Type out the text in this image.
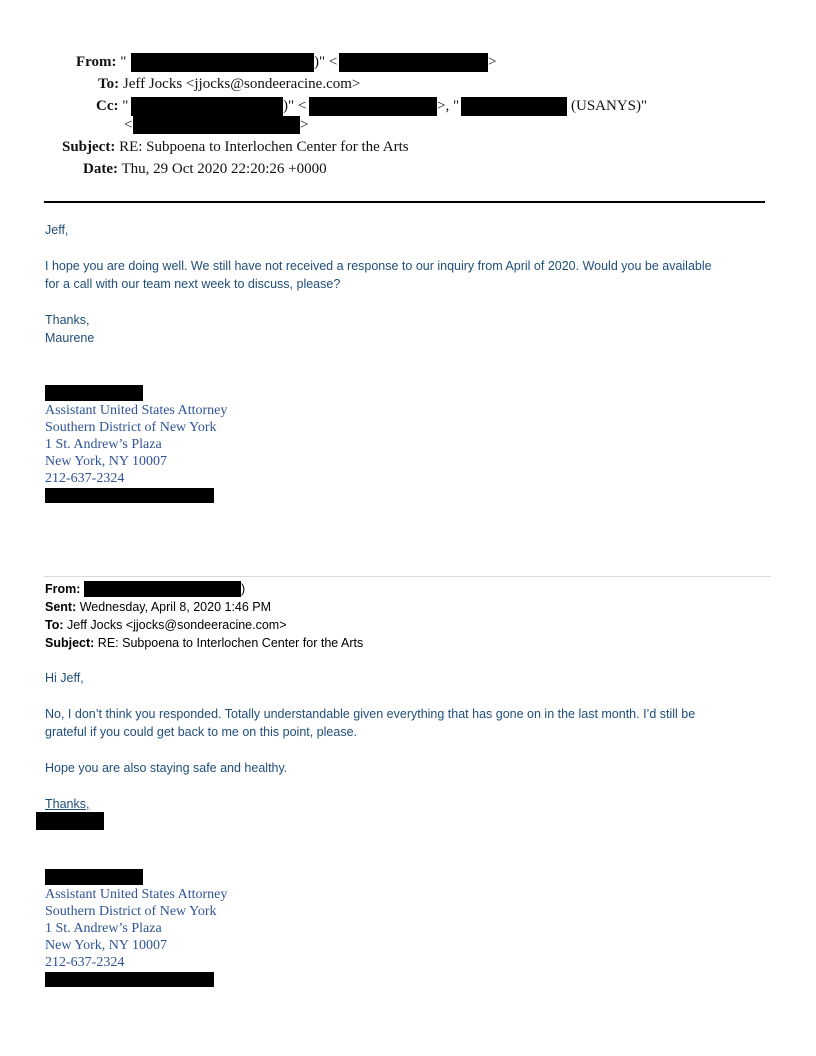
From: "	)" <	>
To: Jeff Jocks <jjocks@sondeeracine.com>
Cc: "	)" <	>, "	(USANYS)"
<	>
Subject: RE: Subpoena to Interlochen Center for the Arts
Date: Thu, 29 Oct 2020 22:20:26 +0000
Jeff,
I hope you are doing well. We still have not received a response to our inquiry from April of 2020. Would you be available
for a call with our team next week to discuss, please?
Thanks,
Maurene
Assistant United States Attorney
Southern District of New York
1 St. Andrew’s Plaza
New York, NY 10007
212-637-2324
From:	)
Sent: Wednesday, April 8, 2020 1:46 PM
To: Jeff Jocks <jjocks@sondeeracine.com>
Subject: RE: Subpoena to Interlochen Center for the Arts
Hi Jeff,
No, I don’t think you responded. Totally understandable given everything that has gone on in the last month. I’d still be
grateful if you could get back to me on this point, please.
Hope you are also staying safe and healthy.
Thanks,
Assistant United States Attorney
Southern District of New York
1 St. Andrew’s Plaza
New York, NY 10007
212-637-2324
